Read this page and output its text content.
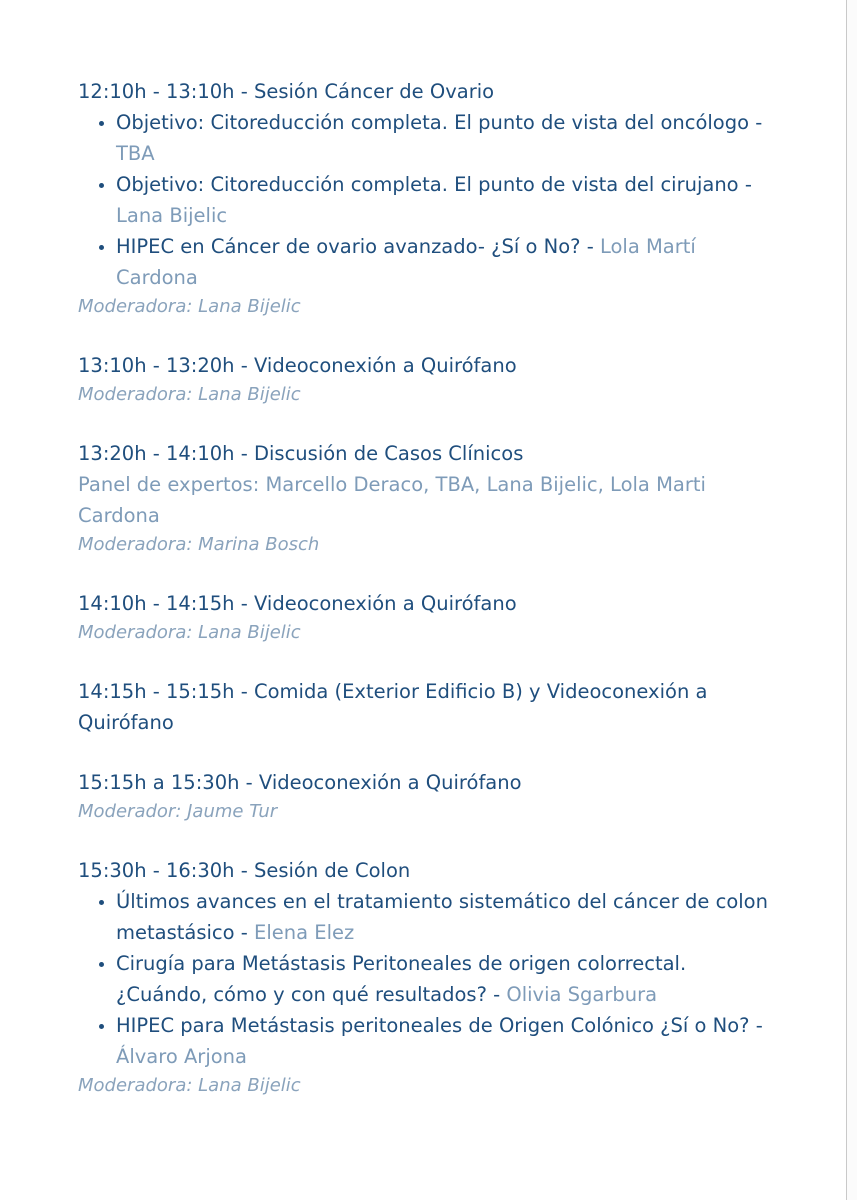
12:10h - 13:10h - Sesión Cáncer de Ovario
• Objetivo: Citoreducción completa. El punto de vista del oncólogo - TBA
• Objetivo: Citoreducción completa. El punto de vista del cirujano - Lana Bijelic
• HIPEC en Cáncer de ovario avanzado- ¿Sí o No? - Lola Martí Cardona
Moderadora: Lana Bijelic
13:10h - 13:20h - Videoconexión a Quirófano
Moderadora: Lana Bijelic
13:20h - 14:10h - Discusión de Casos Clínicos
Panel de expertos: Marcello Deraco, TBA, Lana Bijelic, Lola Marti Cardona
Moderadora: Marina Bosch
14:10h - 14:15h - Videoconexión a Quirófano
Moderadora: Lana Bijelic
14:15h - 15:15h - Comida (Exterior Edificio B) y Videoconexión a Quirófano
15:15h a 15:30h - Videoconexión a Quirófano
Moderador: Jaume Tur
15:30h - 16:30h - Sesión de Colon
• Últimos avances en el tratamiento sistemático del cáncer de colon metastásico - Elena Elez
• Cirugía para Metástasis Peritoneales de origen colorrectal. ¿Cuándo, cómo y con qué resultados? - Olivia Sgarbura
• HIPEC para Metástasis peritoneales de Origen Colónico ¿Sí o No? - Álvaro Arjona
Moderadora: Lana Bijelic
